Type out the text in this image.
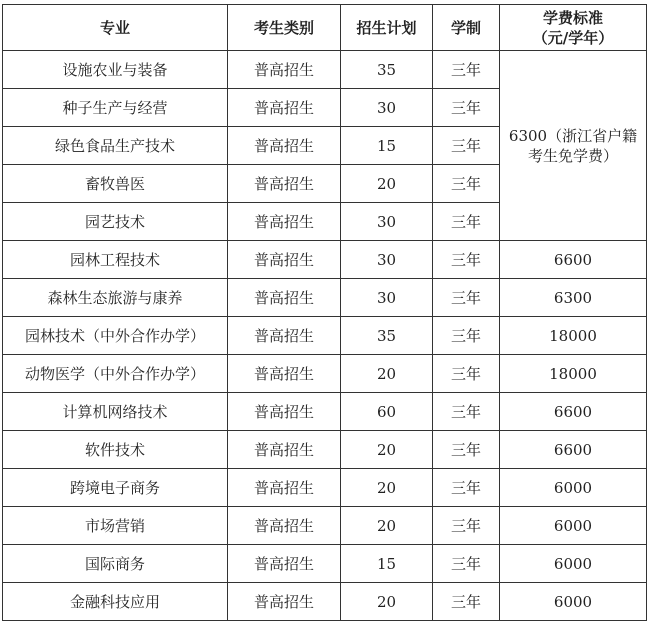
专业	考生类别	招生计划	学制	学费标准
（元/学年）

设施农业与装备	普高招生	35	三年	6300（浙江省户籍
考生免学费）

种子生产与经营	普高招生	30	三年	
绿色食品生产技术	普高招生	15	三年	
畜牧兽医	普高招生	20	三年	
园艺技术	普高招生	30	三年	
园林工程技术	普高招生	30	三年	6600
森林生态旅游与康养	普高招生	30	三年	6300
园林技术（中外合作办学）	普高招生	35	三年	18000
动物医学（中外合作办学）	普高招生	20	三年	18000
计算机网络技术	普高招生	60	三年	6600
软件技术	普高招生	20	三年	6600
跨境电子商务	普高招生	20	三年	6000
市场营销	普高招生	20	三年	6000
国际商务	普高招生	15	三年	6000
金融科技应用	普高招生	20	三年	6000
